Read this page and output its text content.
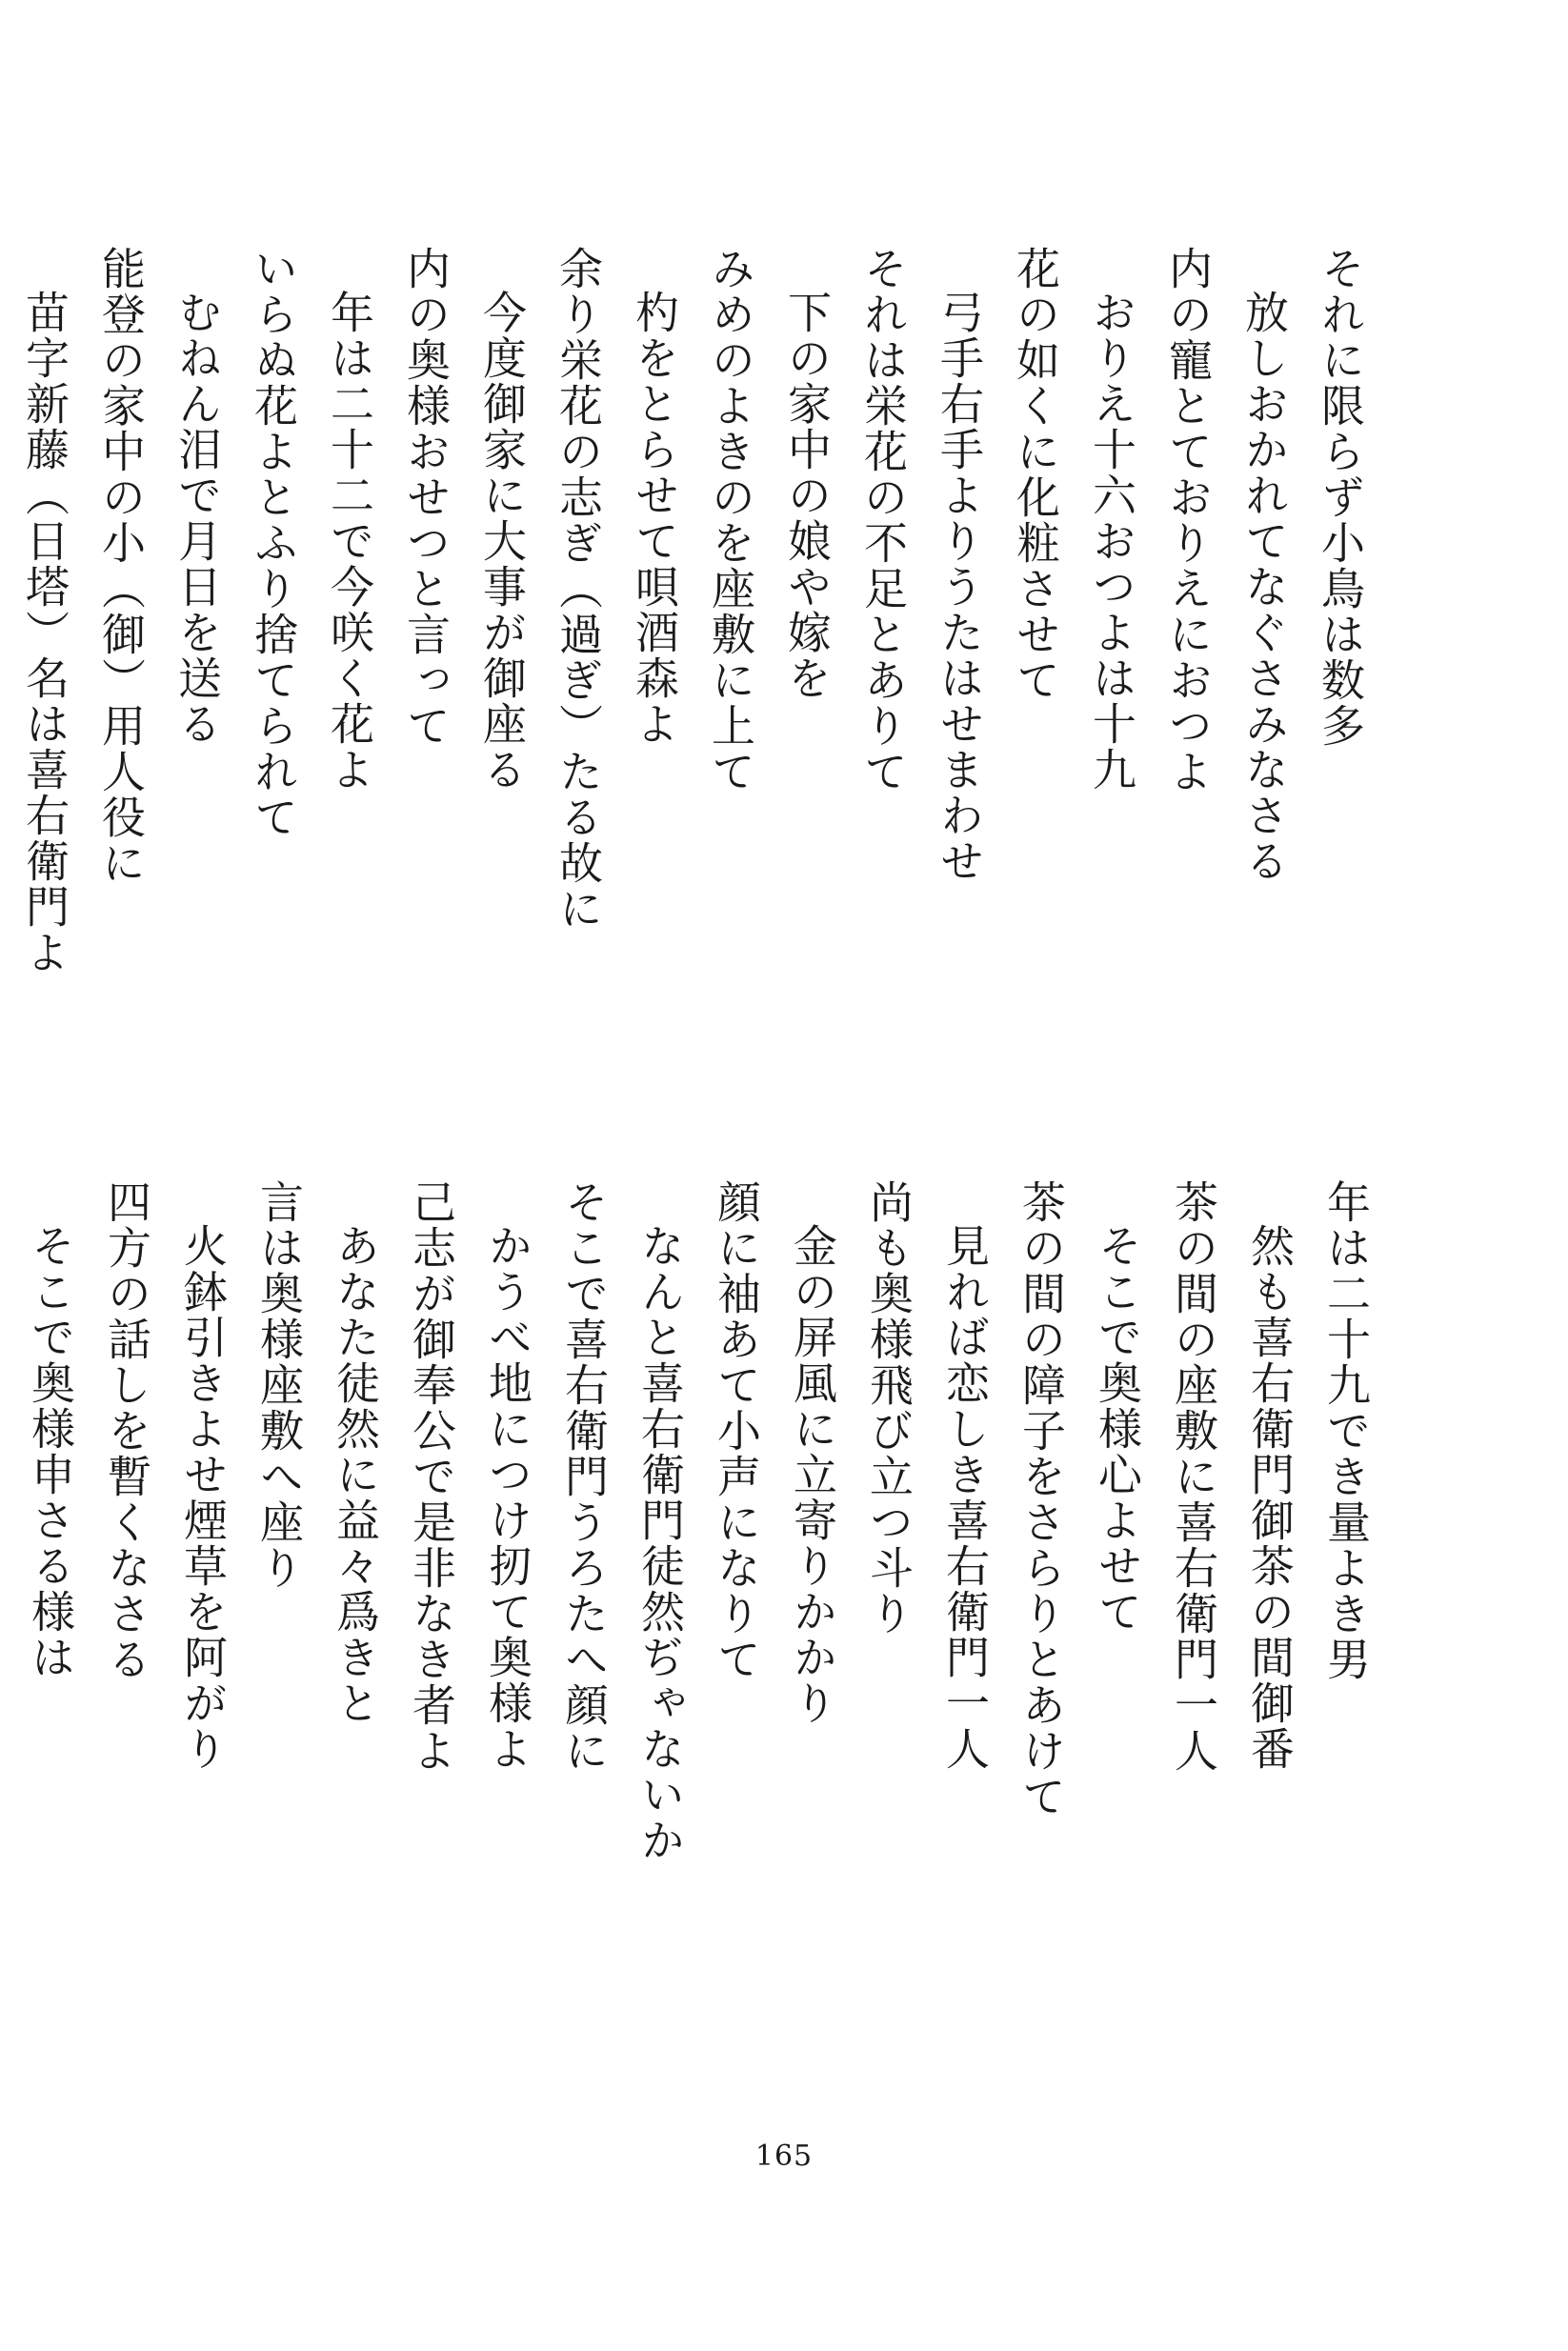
それに限らず小鳥は数多
放しおかれてなぐさみなさる
内の寵とておりえにおつよ
おりえ十六おつよは十九
花の如くに化粧させて
弓手右手よりうたはせまわせ
それは栄花の不足とありて
下の家中の娘や嫁を
みめのよきのを座敷に上て
杓をとらせて唄酒森よ
余り栄花の志ぎ（過ぎ）たる故に
今度御家に大事が御座る
内の奥様おせつと言って
年は二十二で今咲く花よ
いらぬ花よとふり捨てられて
むねん泪で月日を送る
能登の家中の小（御）用人役に
苗字新藤（日塔）名は喜右衛門よ
年は二十九でき量よき男
然も喜右衛門御茶の間御番
茶の間の座敷に喜右衛門一人
そこで奥様心よせて
茶の間の障子をさらりとあけて
見れば恋しき喜右衛門一人
尚も奥様飛び立つ斗り
金の屏風に立寄りかかり
顔に袖あて小声になりて
なんと喜右衛門徒然ぢゃないか
そこで喜右衛門うろたへ顔に
かうべ地につけ扨て奥様よ
己志が御奉公で是非なき者よ
あなた徒然に益々爲きと
言は奥様座敷へ座り
火鉢引きよせ煙草を阿がり
四方の話しを暫くなさる
そこで奥様申さる様は
165
